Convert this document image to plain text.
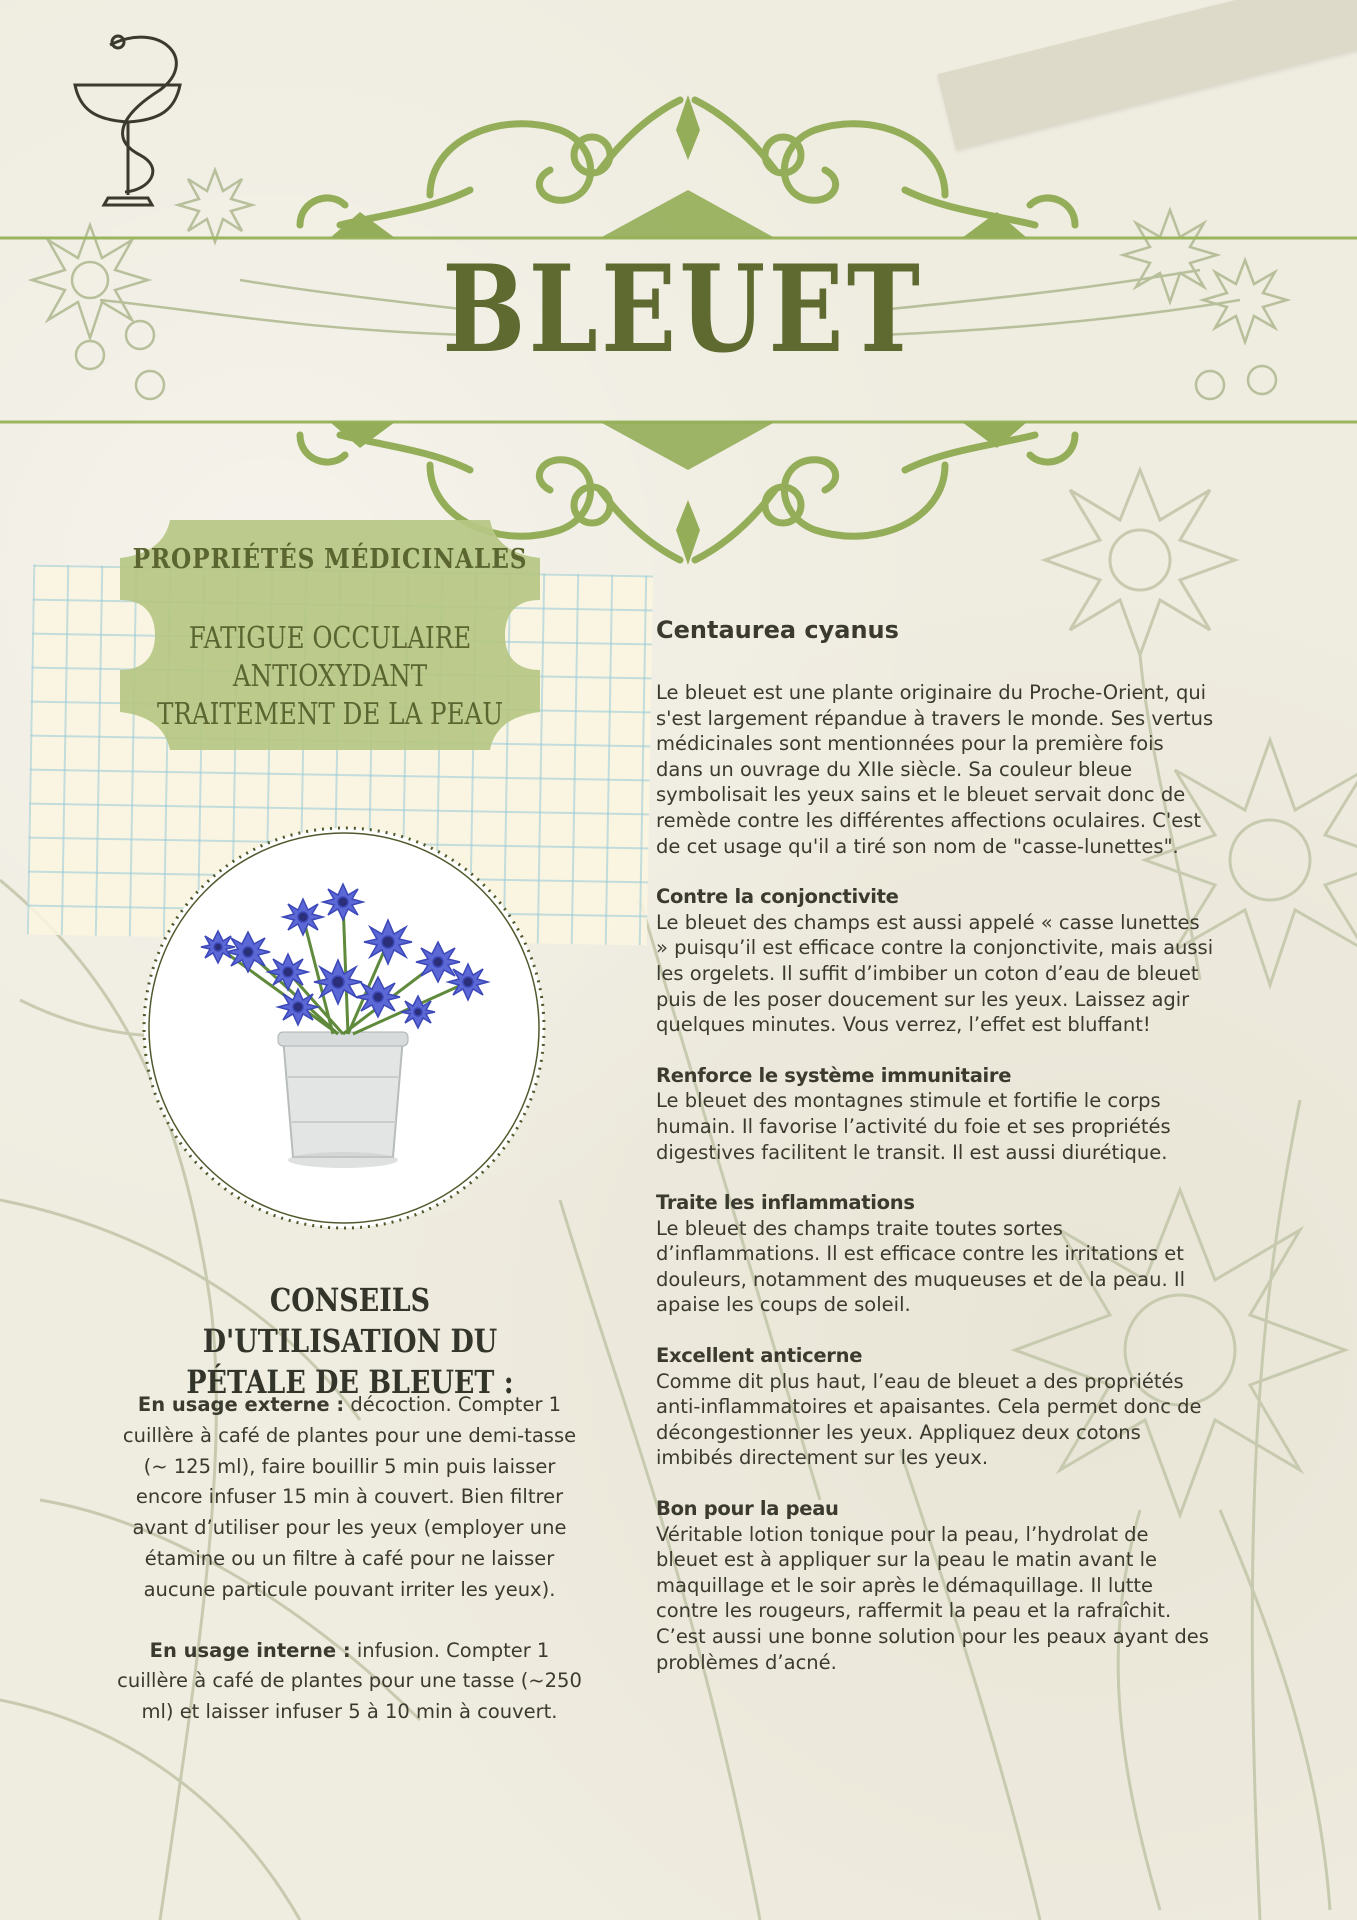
BLEUET
PROPRIÉTÉS MÉDICINALES
FATIGUE OCCULAIRE
ANTIOXYDANT
TRAITEMENT DE LA PEAU
Centaurea cyanus

Le bleuet est une plante originaire du Proche-Orient, qui s'est largement répandue à travers le monde. Ses vertus médicinales sont mentionnées pour la première fois dans un ouvrage du XIIe siècle. Sa couleur bleue symbolisait les yeux sains et le bleuet servait donc de remède contre les différentes affections oculaires. C'est de cet usage qu'il a tiré son nom de "casse-lunettes".

Contre la conjonctivite

Le bleuet des champs est aussi appelé « casse lunettes » puisqu’il est efficace contre la conjonctivite, mais aussi les orgelets. Il suffit d’imbiber un coton d’eau de bleuet puis de les poser doucement sur les yeux. Laissez agir quelques minutes. Vous verrez, l’effet est bluffant!

Renforce le système immunitaire

Le bleuet des montagnes stimule et fortifie le corps humain. Il favorise l’activité du foie et ses propriétés digestives facilitent le transit. Il est aussi diurétique.

Traite les inflammations

Le bleuet des champs traite toutes sortes d’inflammations. Il est efficace contre les irritations et douleurs, notamment des muqueuses et de la peau. Il apaise les coups de soleil.

Excellent anticerne

Comme dit plus haut, l’eau de bleuet a des propriétés anti-inflammatoires et apaisantes. Cela permet donc de décongestionner les yeux. Appliquez deux cotons imbibés directement sur les yeux.

Bon pour la peau

Véritable lotion tonique pour la peau, l’hydrolat de bleuet est à appliquer sur la peau le matin avant le maquillage et le soir après le démaquillage. Il lutte contre les rougeurs, raffermit la peau et la rafraîchit. C’est aussi une bonne solution pour les peaux ayant des problèmes d’acné.

CONSEILS D'UTILISATION DU PÉTALE DE BLEUET :

En usage externe : décoction. Compter 1 cuillère à café de plantes pour une demi-tasse (~ 125 ml), faire bouillir 5 min puis laisser encore infuser 15 min à couvert. Bien filtrer avant d’utiliser pour les yeux (employer une étamine ou un filtre à café pour ne laisser aucune particule pouvant irriter les yeux).

En usage interne : infusion. Compter 1 cuillère à café de plantes pour une tasse (~250 ml) et laisser infuser 5 à 10 min à couvert.
